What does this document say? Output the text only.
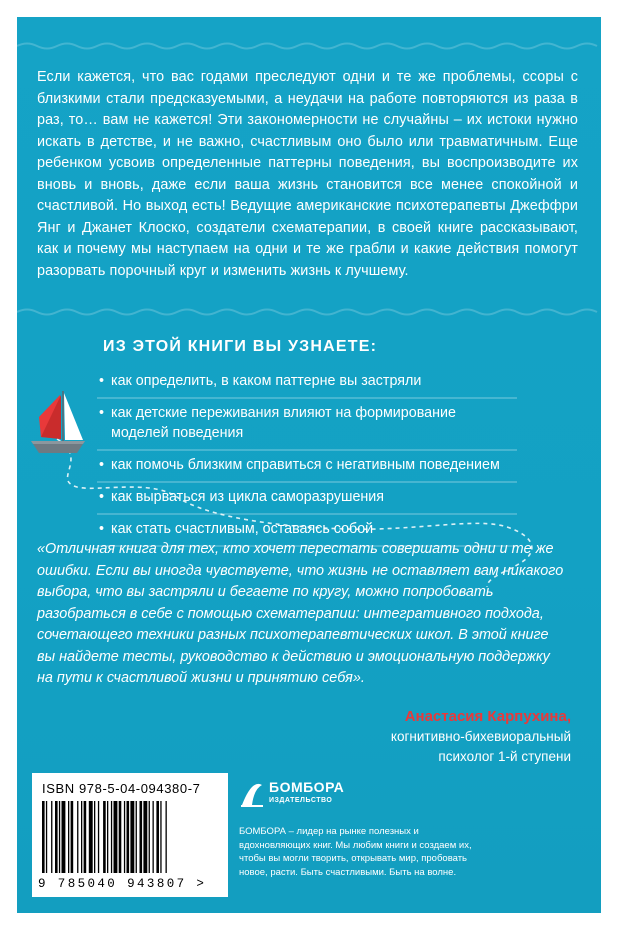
Если кажется, что вас годами преследуют одни и те же проблемы, ссоры с близкими стали предсказуемыми, а неудачи на работе повторяются из раза в раз, то… вам не кажется! Эти закономерности не случайны – их истоки нужно искать в детстве, и не важно, счастливым оно было или травматичным. Еще ребенком усвоив определенные паттерны поведения, вы воспроизводите их вновь и вновь, даже если ваша жизнь становится все менее спокойной и счастливой. Но выход есть! Ведущие американские психотерапевты Джеффри Янг и Джанет Клоско, создатели схематерапии, в своей книге рассказывают, как и почему мы наступаем на одни и те же грабли и какие действия помогут разорвать порочный круг и изменить жизнь к лучшему.
ИЗ ЭТОЙ КНИГИ ВЫ УЗНАЕТЕ:
• как определить, в каком паттерне вы застряли
• как детские переживания влияют на формирование моделей поведения
• как помочь близким справиться с негативным поведением
• как вырваться из цикла саморазрушения
• как стать счастливым, оставаясь собой
«Отличная книга для тех, кто хочет перестать совершать одни и те же ошибки. Если вы иногда чувствуете, что жизнь не оставляет вам никакого выбора, что вы застряли и бегаете по кругу, можно попробовать разобраться в себе с помощью схематерапии: интегративного подхода, сочетающего техники разных психотерапевтических школ. В этой книге вы найдете тесты, руководство к действию и эмоциональную поддержку на пути к счастливой жизни и принятию себя».
Анастасия Карпухина,
когнитивно-бихевиоральный
психолог 1-й ступени
ISBN 978-5-04-094380-7
9 785040 943807 >
БОМБОРА
ИЗДАТЕЛЬСТВО
БОМБОРА – лидер на рынке полезных и вдохновляющих книг. Мы любим книги и создаем их, чтобы вы могли творить, открывать мир, пробовать новое, расти. Быть счастливыми. Быть на волне.
